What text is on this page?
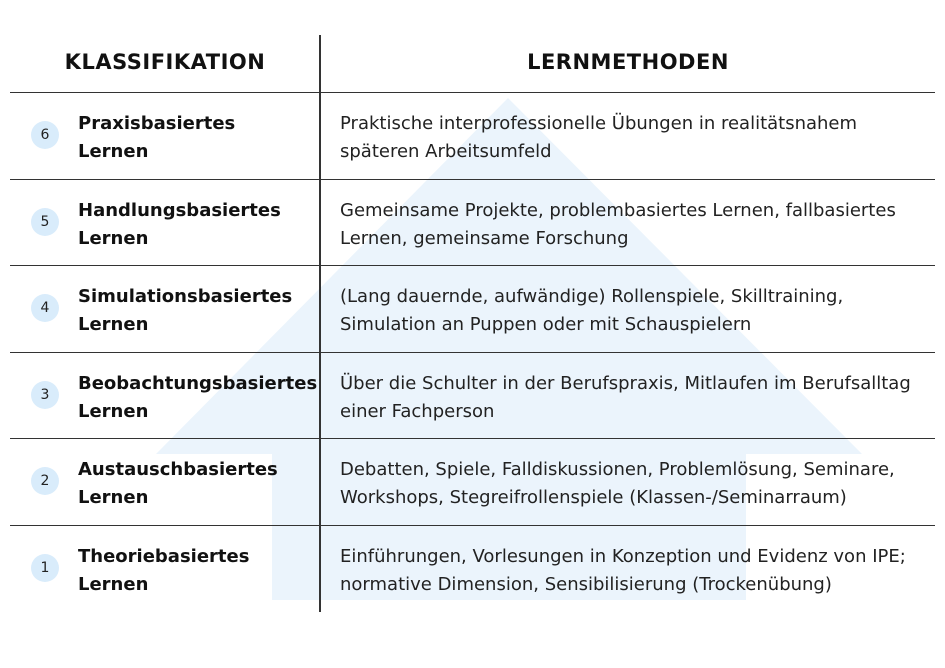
KLASSIFIKATION	LERNMETHODEN
6
Praxisbasiertes
Lernen
Praktische interprofessionelle Übungen in realitätsnahem
späteren Arbeitsumfeld
5
Handlungsbasiertes
Lernen
Gemeinsame Projekte, problembasiertes Lernen, fallbasiertes
Lernen, gemeinsame Forschung
4
Simulationsbasiertes
Lernen
(Lang dauernde, aufwändige) Rollenspiele, Skilltraining,
Simulation an Puppen oder mit Schauspielern
3
Beobachtungsbasiertes
Lernen
Über die Schulter in der Berufspraxis, Mitlaufen im Berufsalltag
einer Fachperson
2
Austauschbasiertes
Lernen
Debatten, Spiele, Falldiskussionen, Problemlösung, Seminare,
Workshops, Stegreifrollenspiele (Klassen-/Seminarraum)
1
Theoriebasiertes
Lernen
Einführungen, Vorlesungen in Konzeption und Evidenz von IPE;
normative Dimension, Sensibilisierung (Trockenübung)
